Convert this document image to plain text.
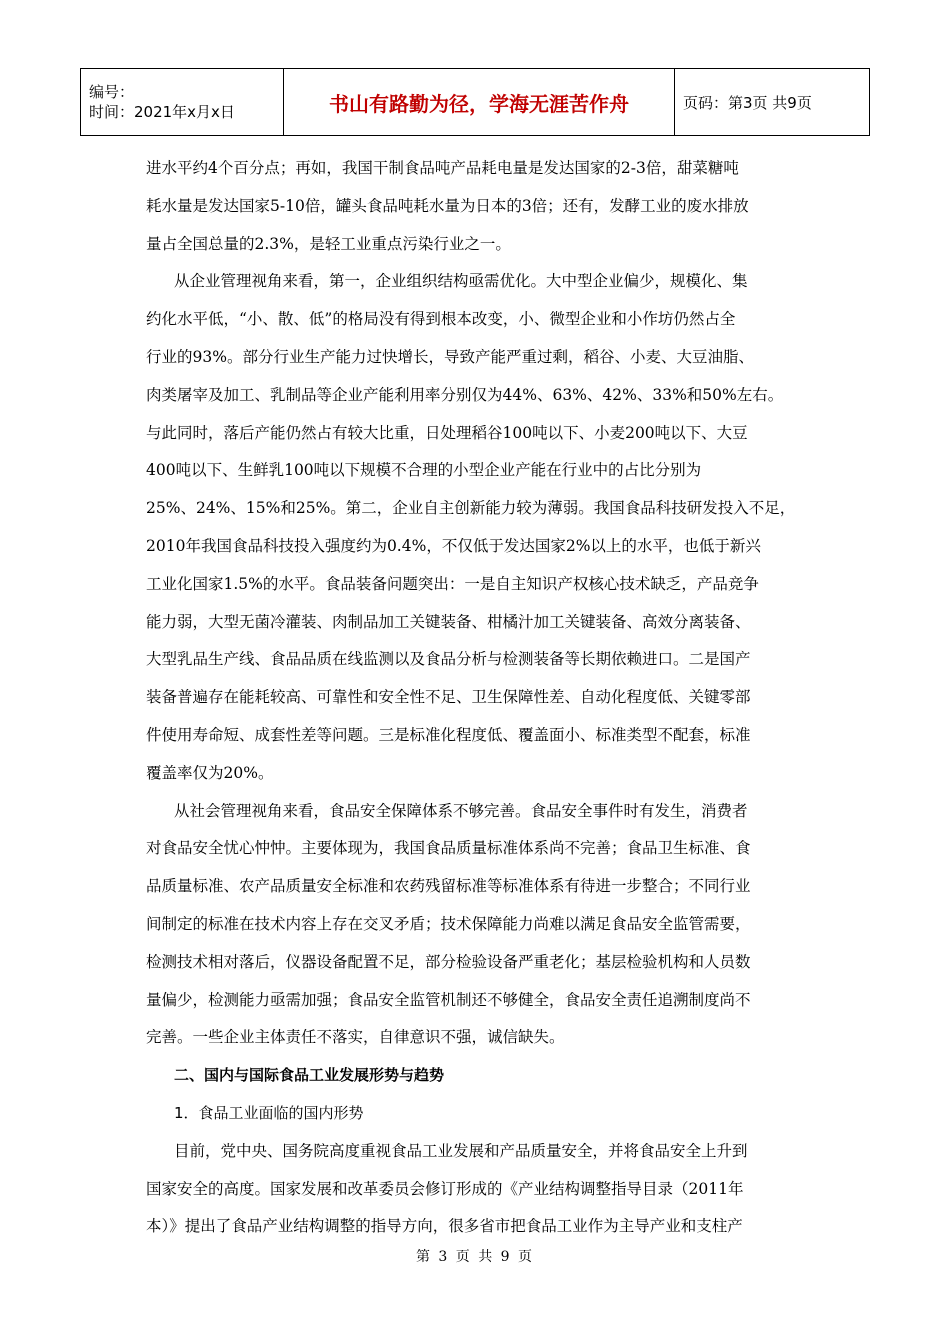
编号：
时间：2021年x月x日	书山有路勤为径，学海无涯苦作舟	页码：第3页 共9页
进水平约4个百分点；再如，我国干制食品吨产品耗电量是发达国家的2-3倍，甜菜糖吨
耗水量是发达国家5-10倍，罐头食品吨耗水量为日本的3倍；还有，发酵工业的废水排放
量占全国总量的2.3%，是轻工业重点污染行业之一。
从企业管理视角来看，第一，企业组织结构亟需优化。大中型企业偏少，规模化、集
约化水平低，“小、散、低”的格局没有得到根本改变，小、微型企业和小作坊仍然占全
行业的93%。部分行业生产能力过快增长，导致产能严重过剩，稻谷、小麦、大豆油脂、
肉类屠宰及加工、乳制品等企业产能利用率分别仅为44%、63%、42%、33%和50%左右。
与此同时，落后产能仍然占有较大比重，日处理稻谷100吨以下、小麦200吨以下、大豆
400吨以下、生鲜乳100吨以下规模不合理的小型企业产能在行业中的占比分别为
25%、24%、15%和25%。第二，企业自主创新能力较为薄弱。我国食品科技研发投入不足，
2010年我国食品科技投入强度约为0.4%，不仅低于发达国家2%以上的水平，也低于新兴
工业化国家1.5%的水平。食品装备问题突出：一是自主知识产权核心技术缺乏，产品竞争
能力弱，大型无菌冷灌装、肉制品加工关键装备、柑橘汁加工关键装备、高效分离装备、
大型乳品生产线、食品品质在线监测以及食品分析与检测装备等长期依赖进口。二是国产
装备普遍存在能耗较高、可靠性和安全性不足、卫生保障性差、自动化程度低、关键零部
件使用寿命短、成套性差等问题。三是标准化程度低、覆盖面小、标准类型不配套，标准
覆盖率仅为20%。
从社会管理视角来看，食品安全保障体系不够完善。食品安全事件时有发生，消费者
对食品安全忧心忡忡。主要体现为，我国食品质量标准体系尚不完善；食品卫生标准、食
品质量标准、农产品质量安全标准和农药残留标准等标准体系有待进一步整合；不同行业
间制定的标准在技术内容上存在交叉矛盾；技术保障能力尚难以满足食品安全监管需要，
检测技术相对落后，仪器设备配置不足，部分检验设备严重老化；基层检验机构和人员数
量偏少，检测能力亟需加强；食品安全监管机制还不够健全，食品安全责任追溯制度尚不
完善。一些企业主体责任不落实，自律意识不强，诚信缺失。
二、国内与国际食品工业发展形势与趋势
1．食品工业面临的国内形势
目前，党中央、国务院高度重视食品工业发展和产品质量安全，并将食品安全上升到
国家安全的高度。国家发展和改革委员会修订形成的《产业结构调整指导目录（2011年
本）》提出了食品产业结构调整的指导方向，很多省市把食品工业作为主导产业和支柱产
第 3 页 共 9 页
